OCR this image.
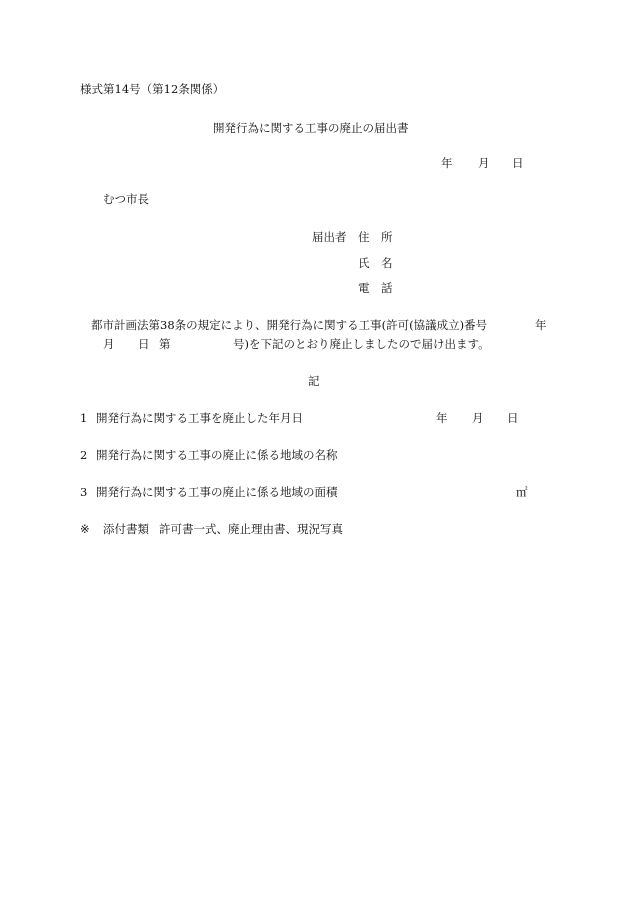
様式第14号（第12条関係）
開発行為に関する工事の廃止の届出書
年 月 日
むつ市長
届出者 住　所
氏　名
電　話
都市計画法第38条の規定により、開発行為に関する工事(許可(協議成立)番号	年
月 日 第	号)を下記のとおり廃止しましたので届け出ます。
記
1 開発行為に関する工事を廃止した年月日	年 月 日
2 開発行為に関する工事の廃止に係る地域の名称
3 開発行為に関する工事の廃止に係る地域の面積	㎡
※ 添付書類 許可書一式、廃止理由書、現況写真
